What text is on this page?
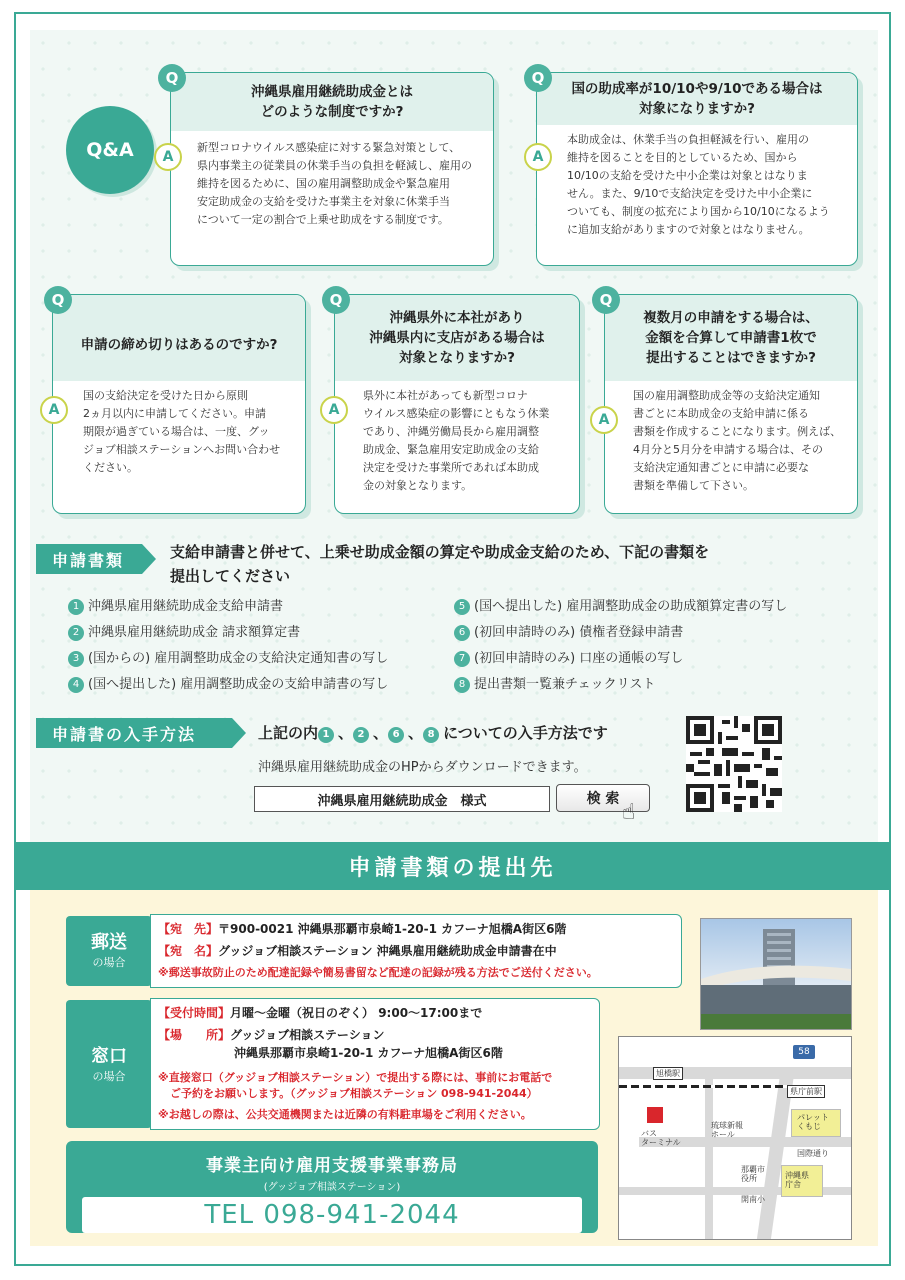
Q&A
沖縄県雇用継続助成金とは
どのような制度ですか?
新型コロナウイルス感染症に対する緊急対策として、
県内事業主の従業員の休業手当の負担を軽減し、雇用の
維持を図るために、国の雇用調整助成金や緊急雇用
安定助成金の支給を受けた事業主を対象に休業手当
について一定の割合で上乗せ助成をする制度です。
Q
A
国の助成率が10/10や9/10である場合は
対象になりますか?
本助成金は、休業手当の負担軽減を行い、雇用の
維持を図ることを目的としているため、国から
10/10の支給を受けた中小企業は対象とはなりま
せん。また、9/10で支給決定を受けた中小企業に
ついても、制度の拡充により国から10/10になるよう
に追加支給がありますので対象とはなりません。
Q
A
申請の締め切りはあるのですか?
国の支給決定を受けた日から原則
2ヵ月以内に申請してください。申請
期限が過ぎている場合は、一度、グッ
ジョブ相談ステーションへお問い合わせ
ください。
Q
A
沖縄県外に本社があり
沖縄県内に支店がある場合は
対象となりますか?
県外に本社があっても新型コロナ
ウイルス感染症の影響にともなう休業
であり、沖縄労働局長から雇用調整
助成金、緊急雇用安定助成金の支給
決定を受けた事業所であれば本助成
金の対象となります。
Q
A
複数月の申請をする場合は、
金額を合算して申請書1枚で
提出することはできますか?
国の雇用調整助成金等の支給決定通知
書ごとに本助成金の支給申請に係る
書類を作成することになります。例えば、
4月分と5月分を申請する場合は、その
支給決定通知書ごとに申請に必要な
書類を準備して下さい。
Q
A
申請書類	支給申請書と併せて、上乗せ助成金額の算定や助成金支給のため、下記の書類を
提出してください
1 沖縄県雇用継続助成金支給申請書
2 沖縄県雇用継続助成金 請求額算定書
3 (国からの) 雇用調整助成金の支給決定通知書の写し
4 (国へ提出した) 雇用調整助成金の支給申請書の写し
5 (国へ提出した) 雇用調整助成金の助成額算定書の写し
6 (初回申請時のみ) 債権者登録申請書
7 (初回申請時のみ) 口座の通帳の写し
8 提出書類一覧兼チェックリスト
申請書の入手方法	上記の内 1 、 2 、 6 、 8 についての入手方法です
沖縄県雇用継続助成金のHPからダウンロードできます。
沖縄県雇用継続助成金　様式
検 索
☝
申請書類の提出先
郵送
の場合
【宛　先】〒900-0021 沖縄県那覇市泉崎1-20-1 カフーナ旭橋A街区6階
【宛　名】グッジョブ相談ステーション 沖縄県雇用継続助成金申請書在中
※郵送事故防止のため配達記録や簡易書留など配達の記録が残る方法でご送付ください。
窓口
の場合
【受付時間】月曜～金曜（祝日のぞく） 9:00～17:00まで
【場　　所】グッジョブ相談ステーション
沖縄県那覇市泉崎1-20-1 カフーナ旭橋A街区6階
※直接窓口（グッジョブ相談ステーション）で提出する際には、事前にお電話で
ご予約をお願いします。（グッジョブ相談ステーション 098-941-2044）
※お越しの際は、公共交通機関または近隣の有料駐車場をご利用ください。
事業主向け雇用支援事業事務局
(グッジョブ相談ステーション)
TEL 098-941-2044
58
旭橋駅
県庁前駅
バス
ターミナル
琉球新報
ホール
パレット
くもじ
国際通り
那覇市
役所
開南小
沖縄県
庁舎
